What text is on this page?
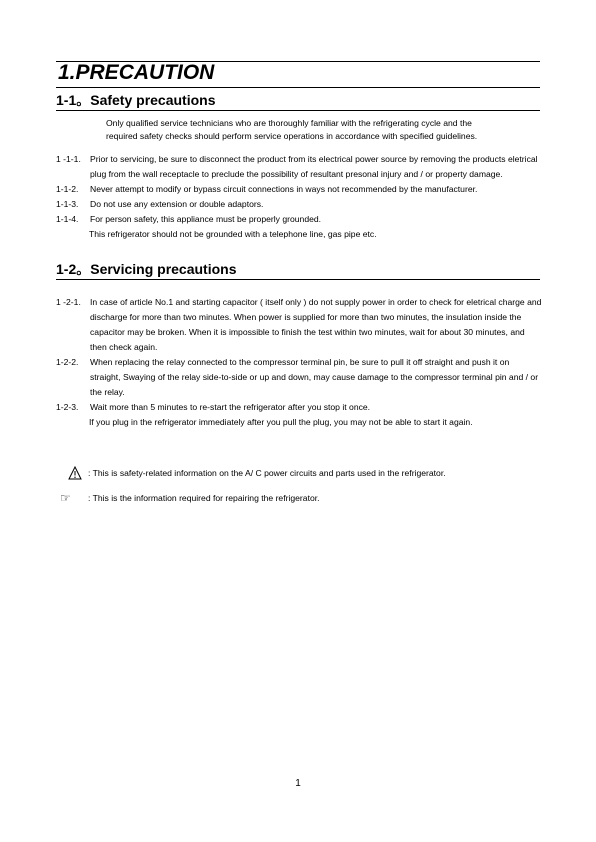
1.PRECAUTION
1-1。Safety precautions

Only qualified service technicians who are thoroughly familiar with the refrigerating cycle and the

required safety checks should perform service operations in accordance with specified guidelines.

1 -1-1.	Prior to servicing, be sure to disconnect the product from its electrical power source by removing the products eletrical plug from the wall receptacle to preclude the possibility of resultant presonal injury and / or property damage.
1-1-2.	Never attempt to modify or bypass circuit connections in ways not recommended by the manufacturer.
1-1-3.	Do not use any extension or double adaptors.
1-1-4.	For person safety, this appliance must be properly grounded.

This refrigerator should not be grounded with a telephone line, gas pipe etc.

1-2。Servicing precautions
1 -2-1.	In case of article No.1 and starting capacitor ( itself only ) do not supply power in order to check for eletrical charge and discharge for more than two minutes. When power is supplied for more than two minutes, the insulation inside the capacitor may be broken. When it is impossible to finish the test within two minutes, wait for about 30 minutes, and then check again.
1-2-2.	When replacing the relay connected to the compressor terminal pin, be sure to pull it off straight and push it on straight, Swaying of the relay side-to-side or up and down, may cause damage to the compressor terminal pin and / or the relay.
1-2-3.	Wait more than 5 minutes to re-start the refrigerator after you stop it once.

If you plug in the refrigerator immediately after you pull the plug, you may not be able to start it again.

: This is safety-related information on the A/ C power circuits and parts used in the refrigerator.
☞ : This is the information required for repairing the refrigerator.
1
